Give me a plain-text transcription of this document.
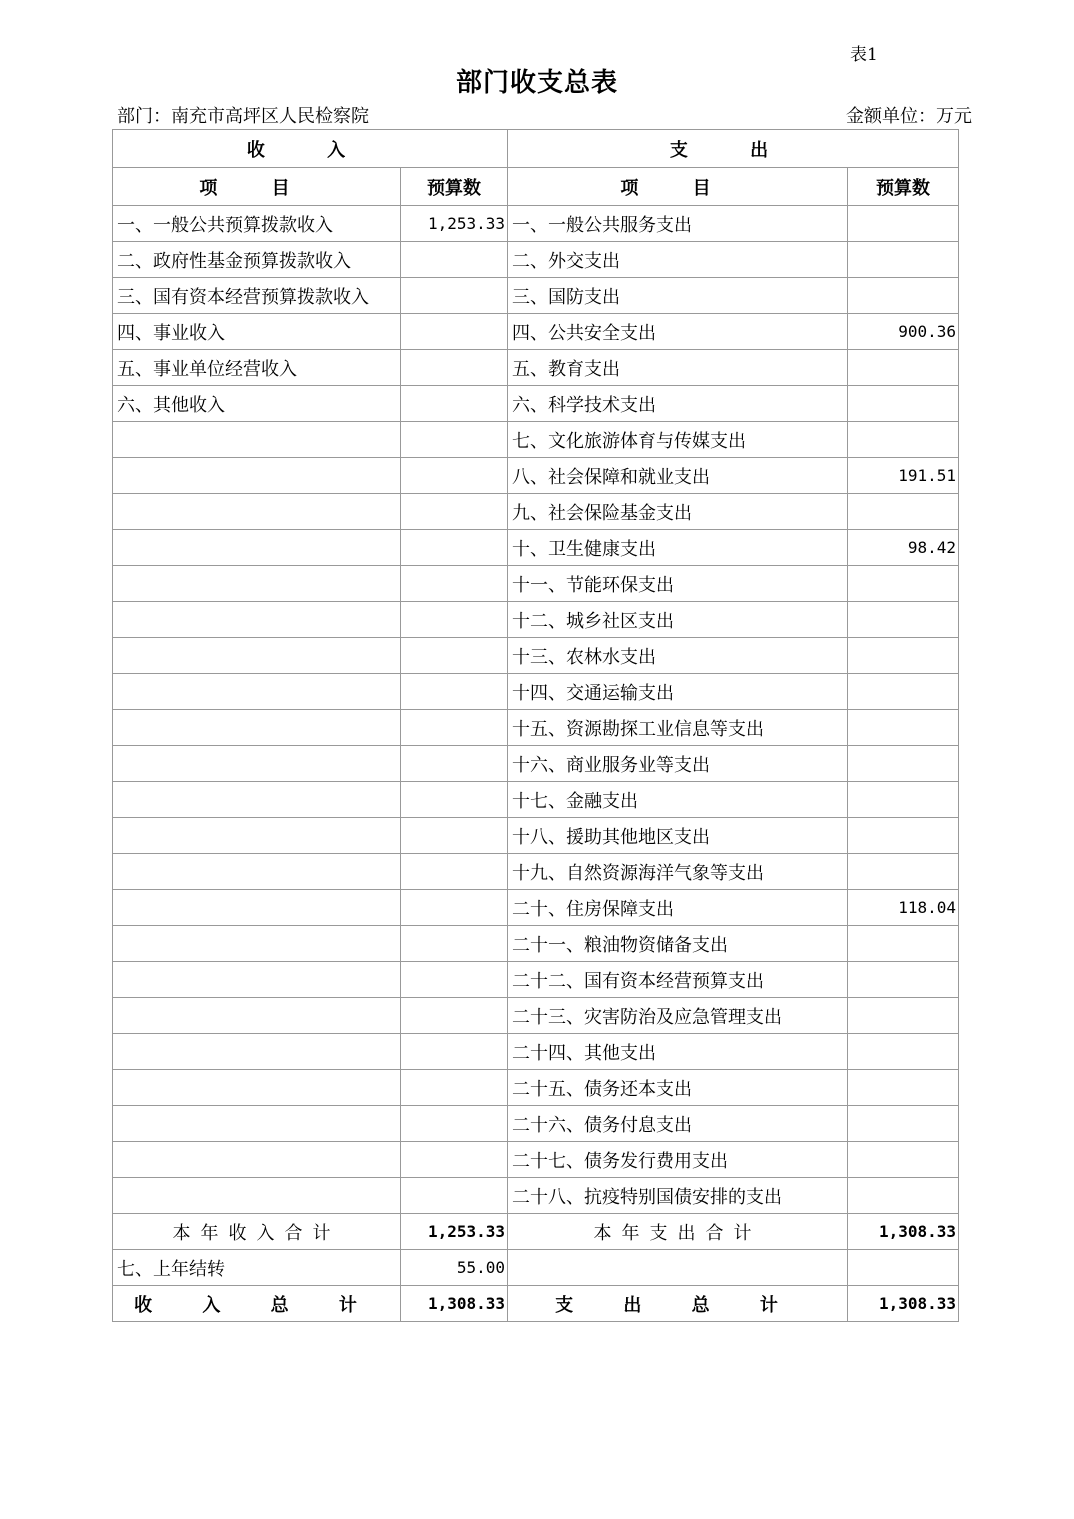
表1
部门收支总表
部门：南充市高坪区人民检察院	金额单位：万元
收 入		支 出	
项 目	预算数	项 目	预算数
一、一般公共预算拨款收入	1,253.33	一、一般公共服务支出	
二、政府性基金预算拨款收入		二、外交支出	
三、国有资本经营预算拨款收入		三、国防支出	
四、事业收入		四、公共安全支出	900.36
五、事业单位经营收入		五、教育支出	
六、其他收入		六、科学技术支出	
		七、文化旅游体育与传媒支出	
		八、社会保障和就业支出	191.51
		九、社会保险基金支出	
		十、卫生健康支出	98.42
		十一、节能环保支出	
		十二、城乡社区支出	
		十三、农林水支出	
		十四、交通运输支出	
		十五、资源勘探工业信息等支出	
		十六、商业服务业等支出	
		十七、金融支出	
		十八、援助其他地区支出	
		十九、自然资源海洋气象等支出	
		二十、住房保障支出	118.04
		二十一、粮油物资储备支出	
		二十二、国有资本经营预算支出	
		二十三、灾害防治及应急管理支出	
		二十四、其他支出	
		二十五、债务还本支出	
		二十六、债务付息支出	
		二十七、债务发行费用支出	
		二十八、抗疫特别国债安排的支出	
本年收入合计	1,253.33	本年支出合计	1,308.33
七、上年结转	55.00		
收 入 总 计	1,308.33	支 出 总 计	1,308.33
